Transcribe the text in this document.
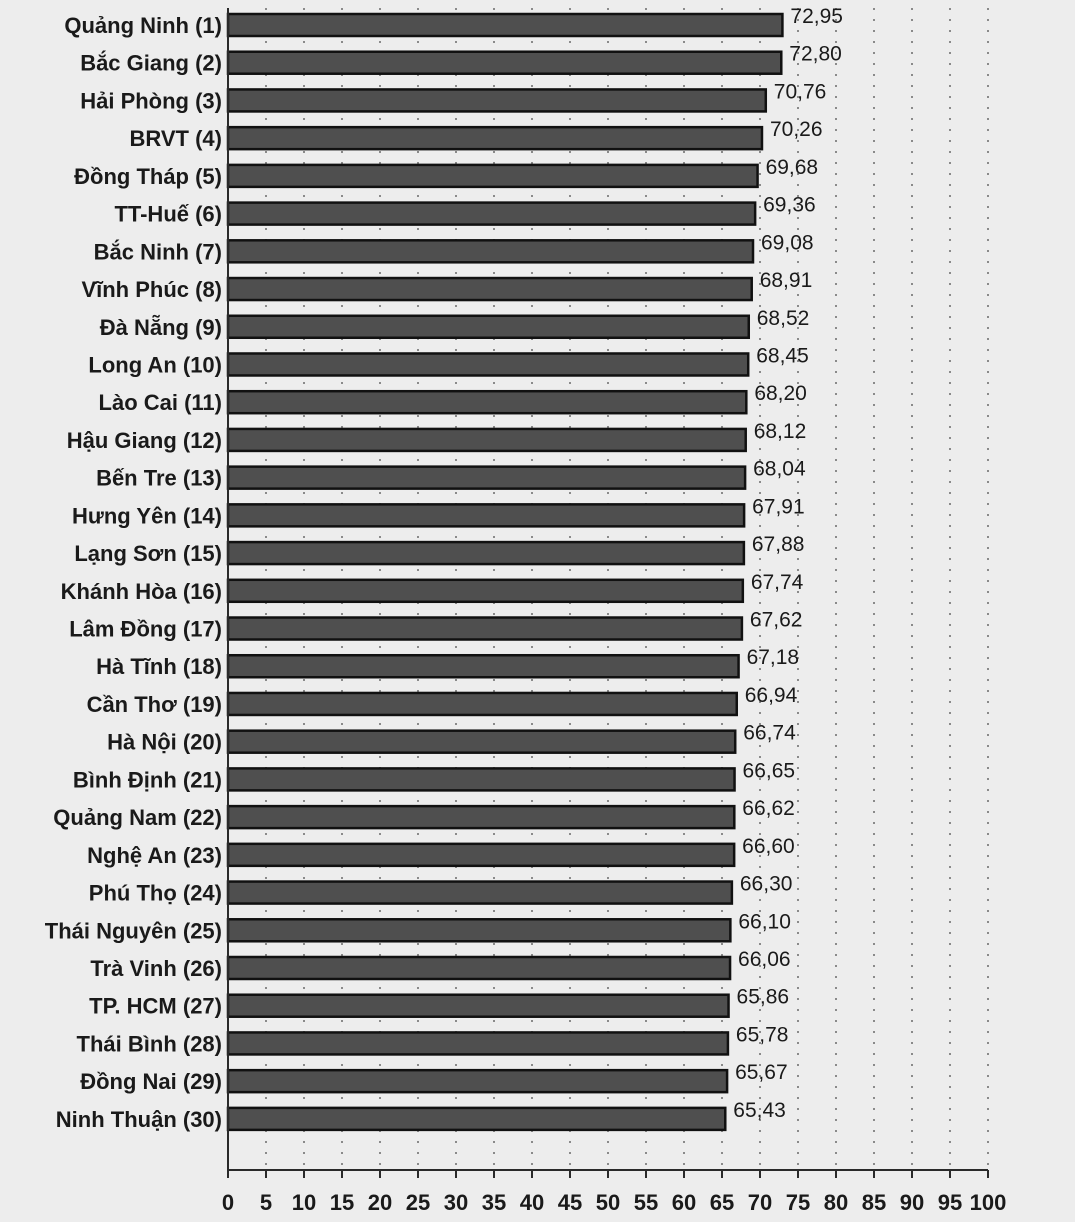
Quảng Ninh (1)
Bắc Giang (2)
Hải Phòng (3)
BRVT (4)
Đồng Tháp (5)
TT-Huế (6)
Bắc Ninh (7)
Vĩnh Phúc (8)
Đà Nẵng (9)
Long An (10)
Lào Cai (11)
Hậu Giang (12)
Bến Tre (13)
Hưng Yên (14)
Lạng Sơn (15)
Khánh Hòa (16)
Lâm Đồng (17)
Hà Tĩnh (18)
Cần Thơ (19)
Hà Nội (20)
Bình Định (21)
Quảng Nam (22)
Nghệ An (23)
Phú Thọ (24)
Thái Nguyên (25)
Trà Vinh (26)
TP. HCM (27)
Thái Bình (28)
Đồng Nai (29)
Ninh Thuận (30)
72,95
72,80
70,76
70,26
69,68
69,36
69,08
68,91
68,52
68,45
68,20
68,12
68,04
67,91
67,88
67,74
67,62
67,18
66,94
66,74
66,65
66,62
66,60
66,30
66,10
66,06
65,86
65,78
65,67
65,43
0 5 10 15 20 25 30 35 40 45 50 55 60 65 70 75 80 85 90 95 100
